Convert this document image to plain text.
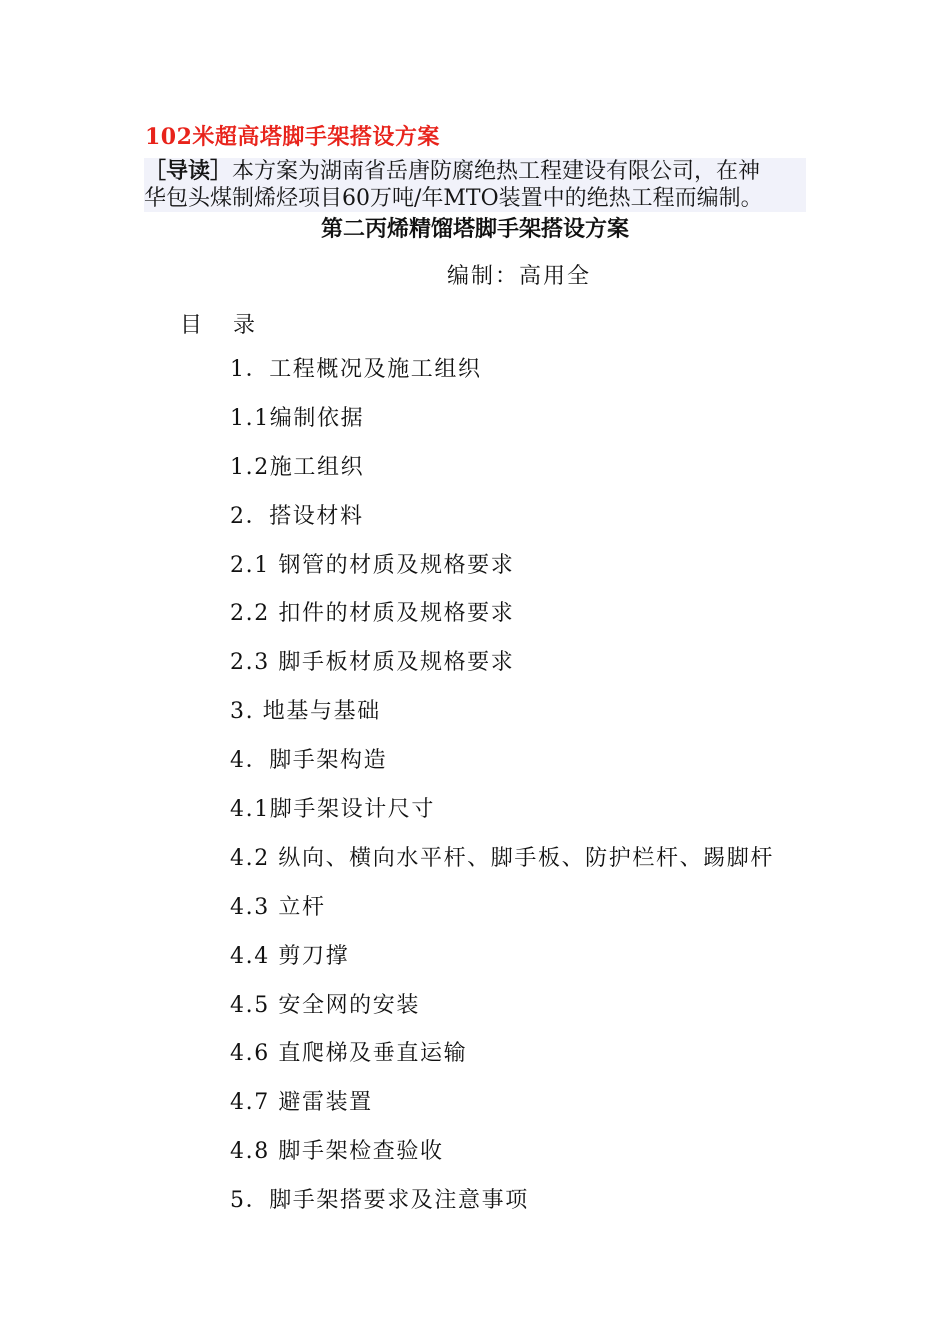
102米超高塔脚手架搭设方案
［导读］本方案为湖南省岳唐防腐绝热工程建设有限公司，在神
华包头煤制烯烃项目60万吨/年MTO装置中的绝热工程而编制。
第二丙烯精馏塔脚手架搭设方案
编制：高用全
目 录
1．工程概况及施工组织
1.1编制依据
1.2施工组织
2．搭设材料
2.1 钢管的材质及规格要求
2.2 扣件的材质及规格要求
2.3 脚手板材质及规格要求
3. 地基与基础
4．脚手架构造
4.1脚手架设计尺寸
4.2 纵向、横向水平杆、脚手板、防护栏杆、踢脚杆
4.3 立杆
4.4 剪刀撑
4.5 安全网的安装
4.6 直爬梯及垂直运输
4.7 避雷装置
4.8 脚手架检查验收
5．脚手架搭要求及注意事项
